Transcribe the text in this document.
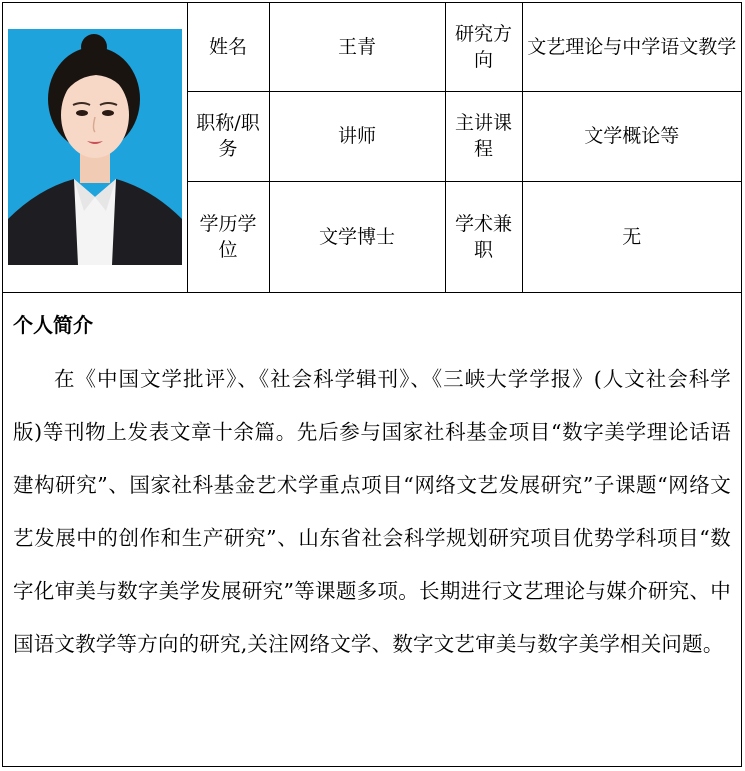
	姓名	王青	研究方向	文艺理论与中学语文教学
	职称/职务	讲师	主讲课程	文学概论等
	学历学位	文学博士	学术兼职	无
个人简介
在《中国文学批评》、《社会科学辑刊》、《三峡大学学报》(人文社会科学版)等刊物上发表文章十余篇。先后参与国家社科基金项目“数字美学理论话语建构研究”、国家社科基金艺术学重点项目“网络文艺发展研究”子课题“网络文艺发展中的创作和生产研究”、山东省社会科学规划研究项目优势学科项目“数字化审美与数字美学发展研究”等课题多项。长期进行文艺理论与媒介研究、中国语文教学等方向的研究,关注网络文学、数字文艺审美与数字美学相关问题。
